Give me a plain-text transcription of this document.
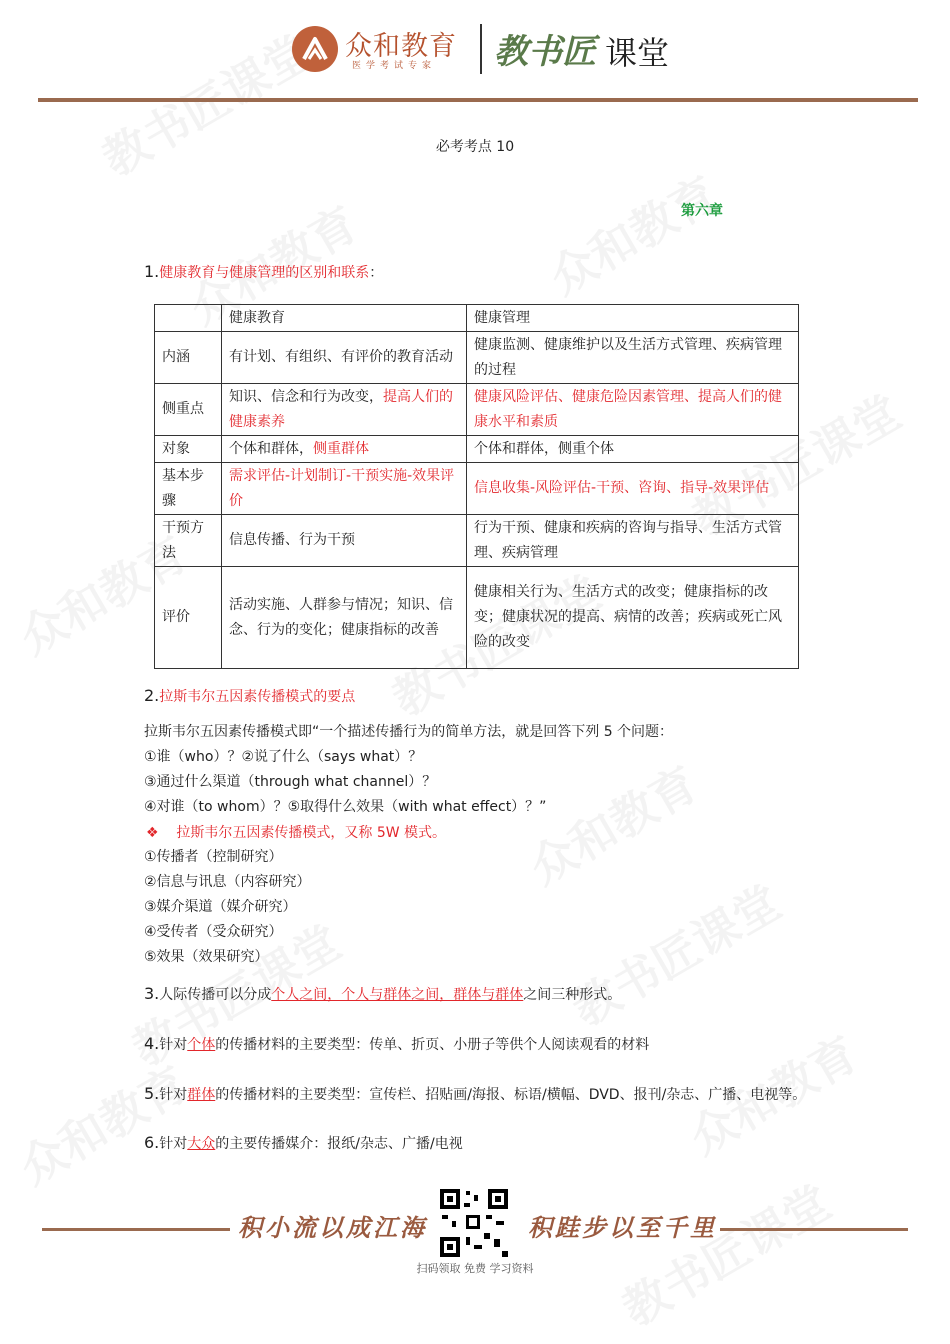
众和教育
医学考试专家 教书匠 课堂
必考考点 10
第六章
1.健康教育与健康管理的区别和联系：
	健康教育	健康管理
内涵	有计划、有组织、有评价的教育活动	健康监测、健康维护以及生活方式管理、疾病管理的过程
侧重点	知识、信念和行为改变，提高人们的健康素养	健康风险评估、健康危险因素管理、提高人们的健康水平和素质
对象	个体和群体，侧重群体	个体和群体，侧重个体
基本步骤	需求评估-计划制订-干预实施-效果评价	信息收集-风险评估-干预、咨询、指导-效果评估
干预方法	信息传播、行为干预	行为干预、健康和疾病的咨询与指导、生活方式管理、疾病管理
评价	活动实施、人群参与情况；知识、信念、行为的变化；健康指标的改善	健康相关行为、生活方式的改变；健康指标的改变；健康状况的提高、病情的改善；疾病或死亡风险的改变
2.拉斯韦尔五因素传播模式的要点
拉斯韦尔五因素传播模式即“一个描述传播行为的简单方法，就是回答下列 5 个问题：
①谁（who）？②说了什么（says what）？
③通过什么渠道（through what channel）？
④对谁（to whom）？⑤取得什么效果（with what effect）？”
❖ 拉斯韦尔五因素传播模式，又称 5W 模式。
①传播者（控制研究）
②信息与讯息（内容研究）
③媒介渠道（媒介研究）
④受传者（受众研究）
⑤效果（效果研究）
3.人际传播可以分成个人之间，个人与群体之间，群体与群体之间三种形式。
4.针对个体的传播材料的主要类型：传单、折页、小册子等供个人阅读观看的材料
5.针对群体的传播材料的主要类型：宣传栏、招贴画/海报、标语/横幅、DVD、报刊/杂志、广播、电视等。
6.针对大众的主要传播媒介：报纸/杂志、广播/电视
积小流以成江海	积跬步以至千里
扫码领取 免费 学习资料
